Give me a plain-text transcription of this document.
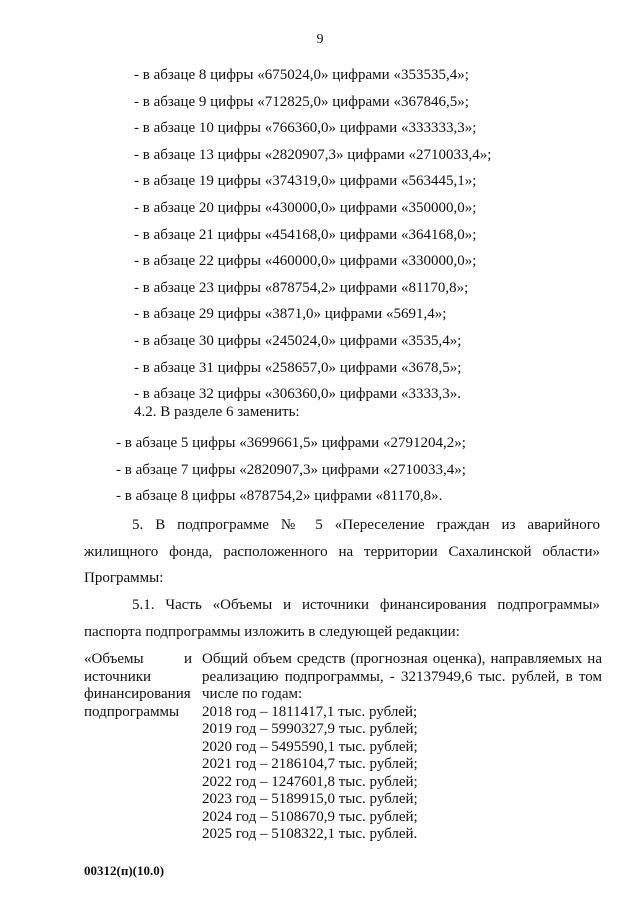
9
- в абзаце 8 цифры «675024,0» цифрами «353535,4»;
- в абзаце 9 цифры «712825,0» цифрами «367846,5»;
- в абзаце 10 цифры «766360,0» цифрами «333333,3»;
- в абзаце 13 цифры «2820907,3» цифрами «2710033,4»;
- в абзаце 19 цифры «374319,0» цифрами «563445,1»;
- в абзаце 20 цифры «430000,0» цифрами «350000,0»;
- в абзаце 21 цифры «454168,0» цифрами «364168,0»;
- в абзаце 22 цифры «460000,0» цифрами «330000,0»;
- в абзаце 23 цифры «878754,2» цифрами «81170,8»;
- в абзаце 29 цифры «3871,0» цифрами «5691,4»;
- в абзаце 30 цифры «245024,0» цифрами «3535,4»;
- в абзаце 31 цифры «258657,0» цифрами «3678,5»;
- в абзаце 32 цифры «306360,0» цифрами «3333,3».
4.2. В разделе 6 заменить:
- в абзаце 5 цифры «3699661,5» цифрами «2791204,2»;
- в абзаце 7 цифры «2820907,3» цифрами «2710033,4»;
- в абзаце 8 цифры «878754,2» цифрами «81170,8».
5. В подпрограмме № 5 «Переселение граждан из аварийного жилищного фонда, расположенного на территории Сахалинской области» Программы:
5.1. Часть «Объемы и источники финансирования подпрограммы» паспорта подпрограммы изложить в следующей редакции:
«Объемы и источники финансирования подпрограммы
Общий объем средств (прогнозная оценка), направляемых на реализацию подпрограммы, - 32137949,6 тыс. рублей, в том числе по годам:
2018 год – 1811417,1 тыс. рублей;
2019 год – 5990327,9 тыс. рублей;
2020 год – 5495590,1 тыс. рублей;
2021 год – 2186104,7 тыс. рублей;
2022 год – 1247601,8 тыс. рублей;
2023 год – 5189915,0 тыс. рублей;
2024 год – 5108670,9 тыс. рублей;
2025 год – 5108322,1 тыс. рублей.
00312(п)(10.0)
